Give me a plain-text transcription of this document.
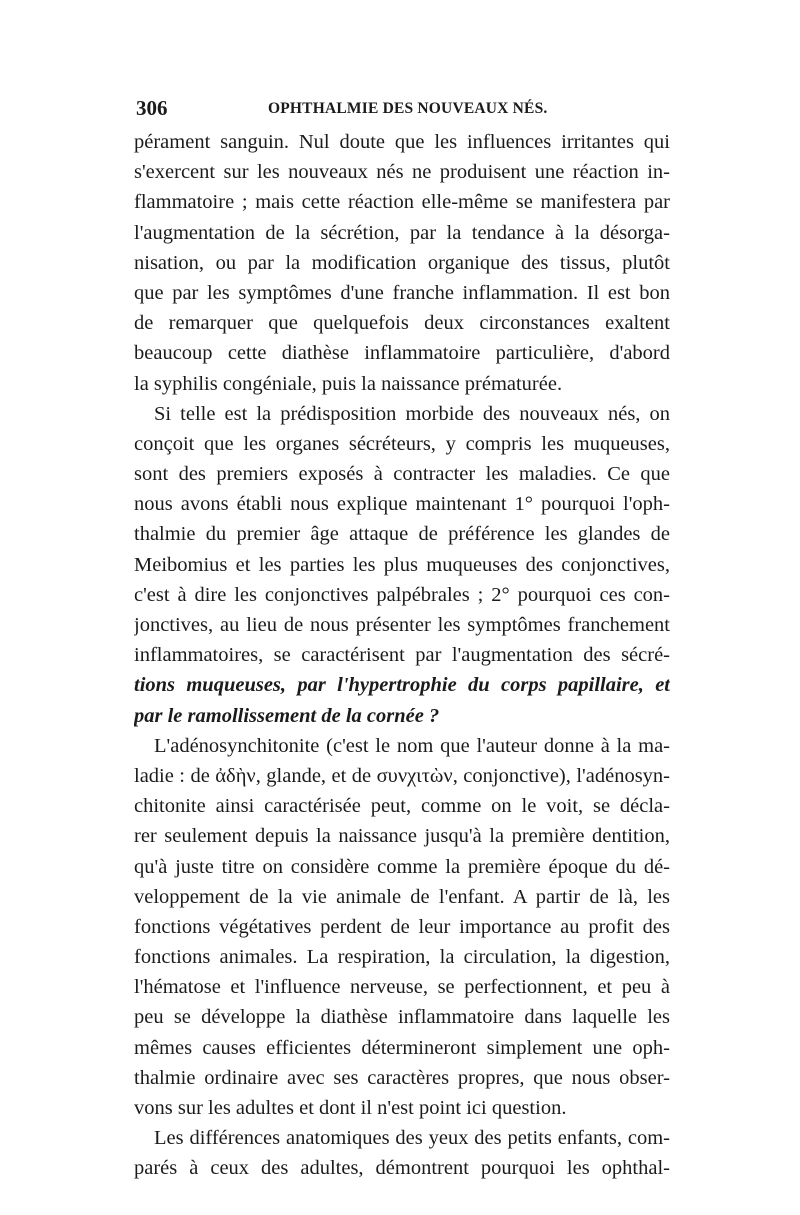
306	OPHTHALMIE DES NOUVEAUX NÉS.
pérament sanguin. Nul doute que les influences irritantes qui
s'exercent sur les nouveaux nés ne produisent une réaction in-
flammatoire ; mais cette réaction elle-même se manifestera par
l'augmentation de la sécrétion, par la tendance à la désorga-
nisation, ou par la modification organique des tissus, plutôt
que par les symptômes d'une franche inflammation. Il est bon
de remarquer que quelquefois deux circonstances exaltent
beaucoup cette diathèse inflammatoire particulière, d'abord
la syphilis congéniale, puis la naissance prématurée.
Si telle est la prédisposition morbide des nouveaux nés, on
conçoit que les organes sécréteurs, y compris les muqueuses,
sont des premiers exposés à contracter les maladies. Ce que
nous avons établi nous explique maintenant 1° pourquoi l'oph-
thalmie du premier âge attaque de préférence les glandes de
Meibomius et les parties les plus muqueuses des conjonctives,
c'est à dire les conjonctives palpébrales ; 2° pourquoi ces con-
jonctives, au lieu de nous présenter les symptômes franchement
inflammatoires, se caractérisent par l'augmentation des sécré-
tions muqueuses, par l'hypertrophie du corps papillaire, et
par le ramollissement de la cornée ?
L'adénosynchitonite (c'est le nom que l'auteur donne à la ma-
ladie : de ἀδὴν, glande, et de συνχιτὼν, conjonctive), l'adénosyn-
chitonite ainsi caractérisée peut, comme on le voit, se décla-
rer seulement depuis la naissance jusqu'à la première dentition,
qu'à juste titre on considère comme la première époque du dé-
veloppement de la vie animale de l'enfant. A partir de là, les
fonctions végétatives perdent de leur importance au profit des
fonctions animales. La respiration, la circulation, la digestion,
l'hématose et l'influence nerveuse, se perfectionnent, et peu à
peu se développe la diathèse inflammatoire dans laquelle les
mêmes causes efficientes détermineront simplement une oph-
thalmie ordinaire avec ses caractères propres, que nous obser-
vons sur les adultes et dont il n'est point ici question.
Les différences anatomiques des yeux des petits enfants, com-
parés à ceux des adultes, démontrent pourquoi les ophthal-
